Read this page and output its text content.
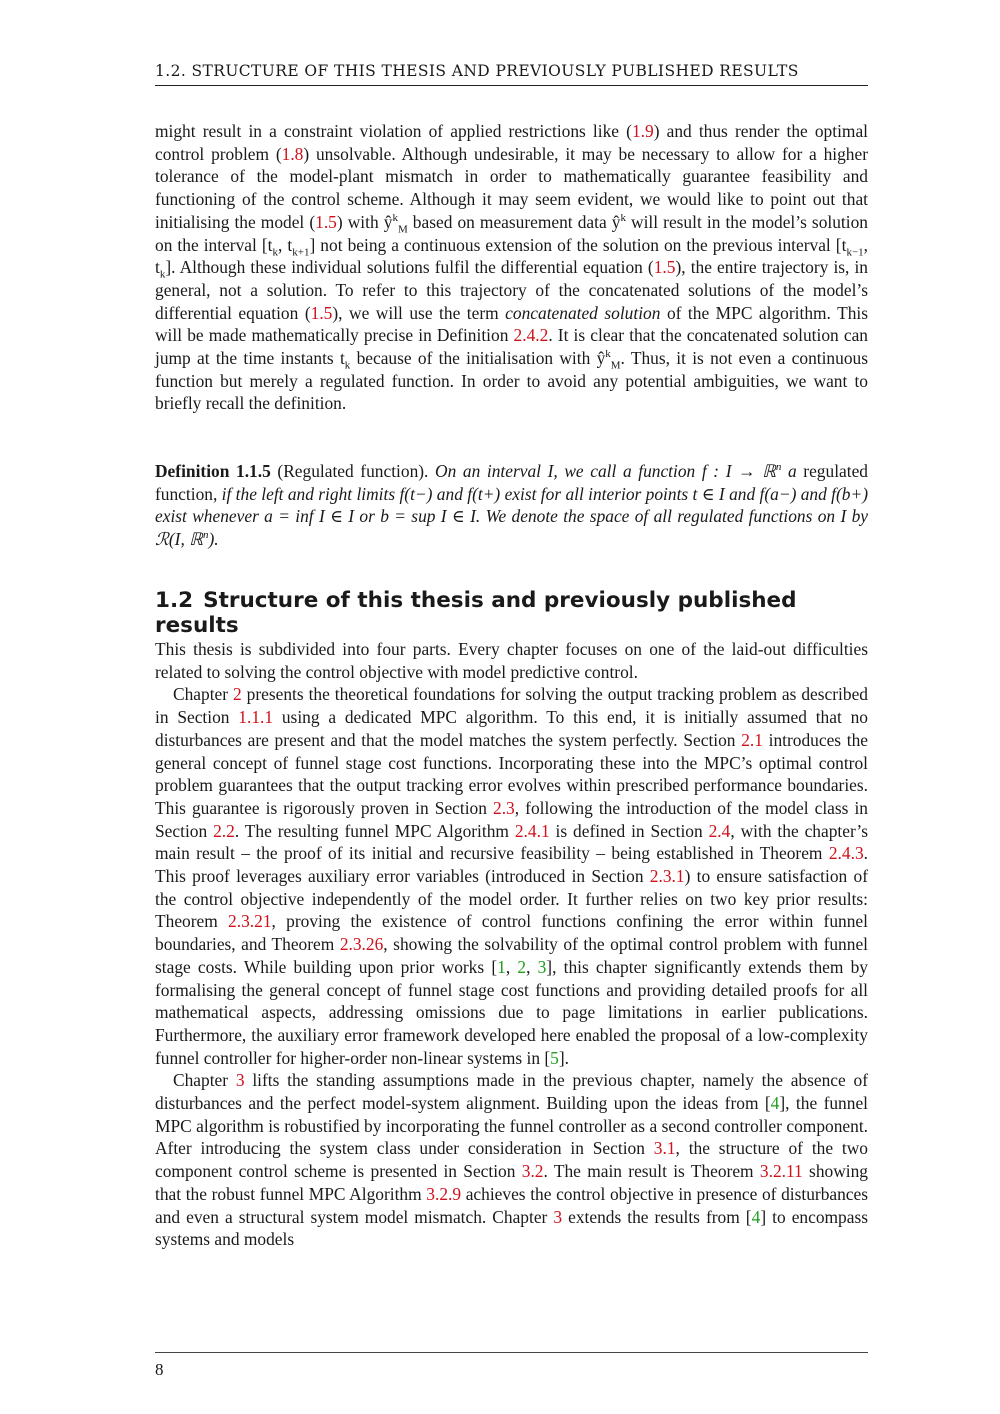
1.2. STRUCTURE OF THIS THESIS AND PREVIOUSLY PUBLISHED RESULTS

might result in a constraint violation of applied restrictions like (1.9) and thus render the optimal control problem (1.8) unsolvable. Although undesirable, it may be necessary to allow for a higher tolerance of the model-plant mismatch in order to mathematically guarantee feasibility and functioning of the control scheme. Although it may seem evident, we would like to point out that initialising the model (1.5) with $ŷ^k_M$ based on measurement data $ŷ^k$ will result in the model’s solution on the interval [$t_k$, $t_{k+1}$] not being a continuous extension of the solution on the previous interval [$t_{k-1}$, $t_k$]. Although these individual solutions fulfil the differential equation (1.5), the entire trajectory is, in general, not a solution. To refer to this trajectory of the concatenated solutions of the model’s differential equation (1.5), we will use the term concatenated solution of the MPC algorithm. This will be made mathematically precise in Definition 2.4.2. It is clear that the concatenated solution can jump at the time instants $t_k$ because of the initialisation with $ŷ^k_M$. Thus, it is not even a continuous function but merely a regulated function. In order to avoid any potential ambiguities, we want to briefly recall the definition.

Definition 1.1.5 (Regulated function). On an interval I, we call a function f : I → ℝ$^n$ a regulated function, if the left and right limits f(t−) and f(t+) exist for all interior points t ∈ I and f(a−) and f(b+) exist whenever a = inf I ∈ I or b = sup I ∈ I. We denote the space of all regulated functions on I by ℛ(I, ℝ$^n$).

1.2 Structure of this thesis and previously published results

This thesis is subdivided into four parts. Every chapter focuses on one of the laid-out difficulties related to solving the control objective with model predictive control.

Chapter 2 presents the theoretical foundations for solving the output tracking problem as described in Section 1.1.1 using a dedicated MPC algorithm. To this end, it is initially assumed that no disturbances are present and that the model matches the system perfectly. Section 2.1 introduces the general concept of funnel stage cost functions. Incorporating these into the MPC’s optimal control problem guarantees that the output tracking error evolves within prescribed performance boundaries. This guarantee is rigorously proven in Section 2.3, following the introduction of the model class in Section 2.2. The resulting funnel MPC Algorithm 2.4.1 is defined in Section 2.4, with the chapter’s main result – the proof of its initial and recursive feasibility – being established in Theorem 2.4.3. This proof leverages auxiliary error variables (introduced in Section 2.3.1) to ensure satisfaction of the control objective independently of the model order. It further relies on two key prior results: Theorem 2.3.21, proving the existence of control functions confining the error within funnel boundaries, and Theorem 2.3.26, showing the solvability of the optimal control problem with funnel stage costs. While building upon prior works [1, 2, 3], this chapter significantly extends them by formalising the general concept of funnel stage cost functions and providing detailed proofs for all mathematical aspects, addressing omissions due to page limitations in earlier publications. Furthermore, the auxiliary error framework developed here enabled the proposal of a low-complexity funnel controller for higher-order non-linear systems in [5].

Chapter 3 lifts the standing assumptions made in the previous chapter, namely the absence of disturbances and the perfect model-system alignment. Building upon the ideas from [4], the funnel MPC algorithm is robustified by incorporating the funnel controller as a second controller component. After introducing the system class under consideration in Section 3.1, the structure of the two component control scheme is presented in Section 3.2. The main result is Theorem 3.2.11 showing that the robust funnel MPC Algorithm 3.2.9 achieves the control objective in presence of disturbances and even a structural system model mismatch. Chapter 3 extends the results from [4] to encompass systems and models

8
